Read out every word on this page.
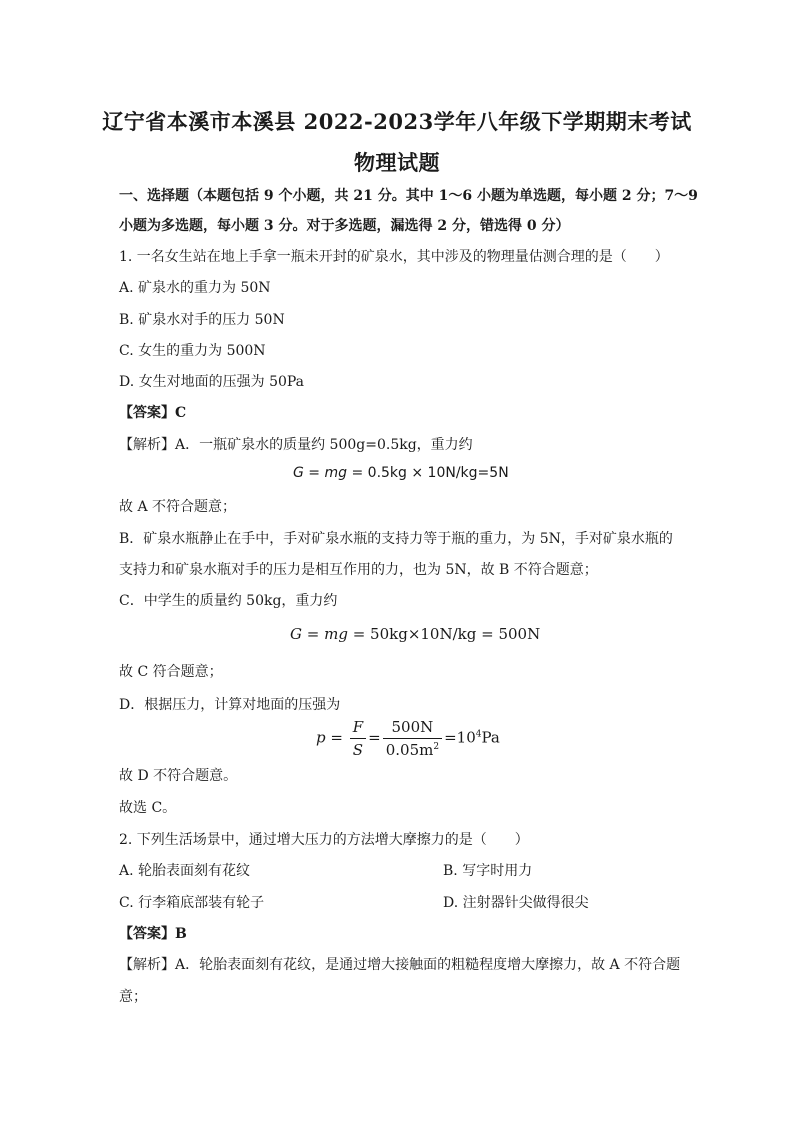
辽宁省本溪市本溪县 2022-2023学年八年级下学期期末考试
物理试题
一、选择题（本题包括 9 个小题，共 21 分。其中 1～6 小题为单选题，每小题 2 分；7～9
小题为多选题，每小题 3 分。对于多选题，漏选得 2 分，错选得 0 分）
1. 一名女生站在地上手拿一瓶未开封的矿泉水，其中涉及的物理量估测合理的是（　　）
A. 矿泉水的重力为 50N
B. 矿泉水对手的压力 50N
C. 女生的重力为 500N
D. 女生对地面的压强为 50Pa
【答案】C
【解析】A．一瓶矿泉水的质量约 500g=0.5kg，重力约
G = mg = 0.5kg × 10N/kg=5N
故 A 不符合题意；
B．矿泉水瓶静止在手中，手对矿泉水瓶的支持力等于瓶的重力，为 5N，手对矿泉水瓶的
支持力和矿泉水瓶对手的压力是相互作用的力，也为 5N，故 B 不符合题意；
C．中学生的质量约 50kg，重力约
G = mg = 50kg×10N/kg = 500N
故 C 符合题意；
D．根据压力，计算对地面的压强为
$p = \frac{F}{S} = \frac{500N}{0.05m^2} =10^4Pa$
故 D 不符合题意。
故选 C。
2. 下列生活场景中，通过增大压力的方法增大摩擦力的是（　　）
A. 轮胎表面刻有花纹	B. 写字时用力
C. 行李箱底部装有轮子	D. 注射器针尖做得很尖
【答案】B
【解析】A．轮胎表面刻有花纹，是通过增大接触面的粗糙程度增大摩擦力，故 A 不符合题
意；
